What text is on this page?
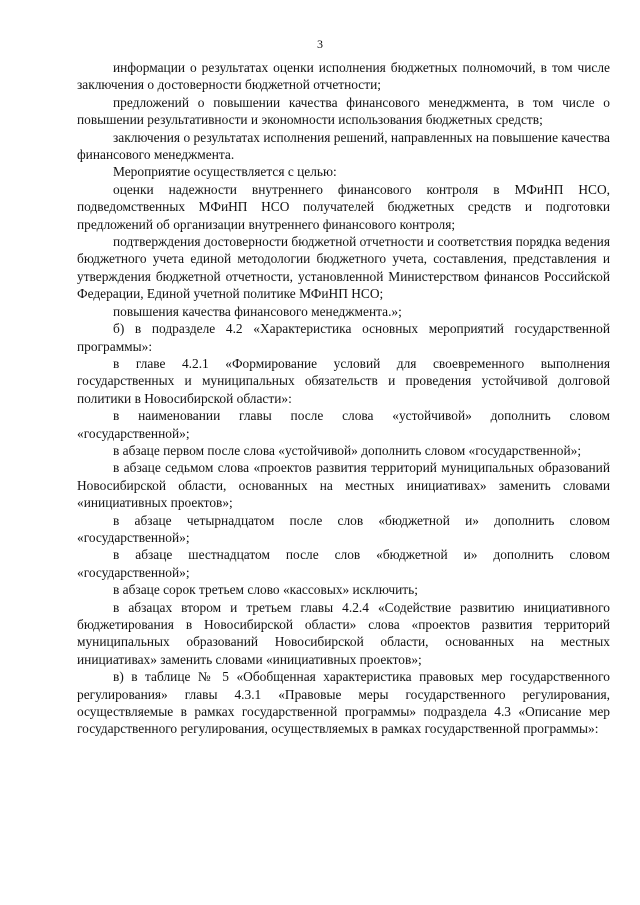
3

информации о результатах оценки исполнения бюджетных полномочий, в том числе заключения о достоверности бюджетной отчетности;

предложений о повышении качества финансового менеджмента, в том числе о повышении результативности и экономности использования бюджетных средств;

заключения о результатах исполнения решений, направленных на повышение качества финансового менеджмента.

Мероприятие осуществляется с целью:

оценки надежности внутреннего финансового контроля в МФиНП НСО, подведомственных МФиНП НСО получателей бюджетных средств и подготовки предложений об организации внутреннего финансового контроля;

подтверждения достоверности бюджетной отчетности и соответствия порядка ведения бюджетного учета единой методологии бюджетного учета, составления, представления и утверждения бюджетной отчетности, установленной Министерством финансов Российской Федерации, Единой учетной политике МФиНП НСО;

повышения качества финансового менеджмента.»;

б) в подразделе 4.2 «Характеристика основных мероприятий государственной программы»:

в главе 4.2.1 «Формирование условий для своевременного выполнения государственных и муниципальных обязательств и проведения устойчивой долговой политики в Новосибирской области»:

в наименовании главы после слова «устойчивой» дополнить словом «государственной»;

в абзаце первом после слова «устойчивой» дополнить словом «государственной»;

в абзаце седьмом слова «проектов развития территорий муниципальных образований Новосибирской области, основанных на местных инициативах» заменить словами «инициативных проектов»;

в абзаце четырнадцатом после слов «бюджетной и» дополнить словом «государственной»;

в абзаце шестнадцатом после слов «бюджетной и» дополнить словом «государственной»;

в абзаце сорок третьем слово «кассовых» исключить;

в абзацах втором и третьем главы 4.2.4 «Содействие развитию инициативного бюджетирования в Новосибирской области» слова «проектов развития территорий муниципальных образований Новосибирской области, основанных на местных инициативах» заменить словами «инициативных проектов»;

в) в таблице № 5 «Обобщенная характеристика правовых мер государственного регулирования» главы 4.3.1 «Правовые меры государственного регулирования, осуществляемые в рамках государственной программы» подраздела 4.3 «Описание мер государственного регулирования, осуществляемых в рамках государственной программы»:
